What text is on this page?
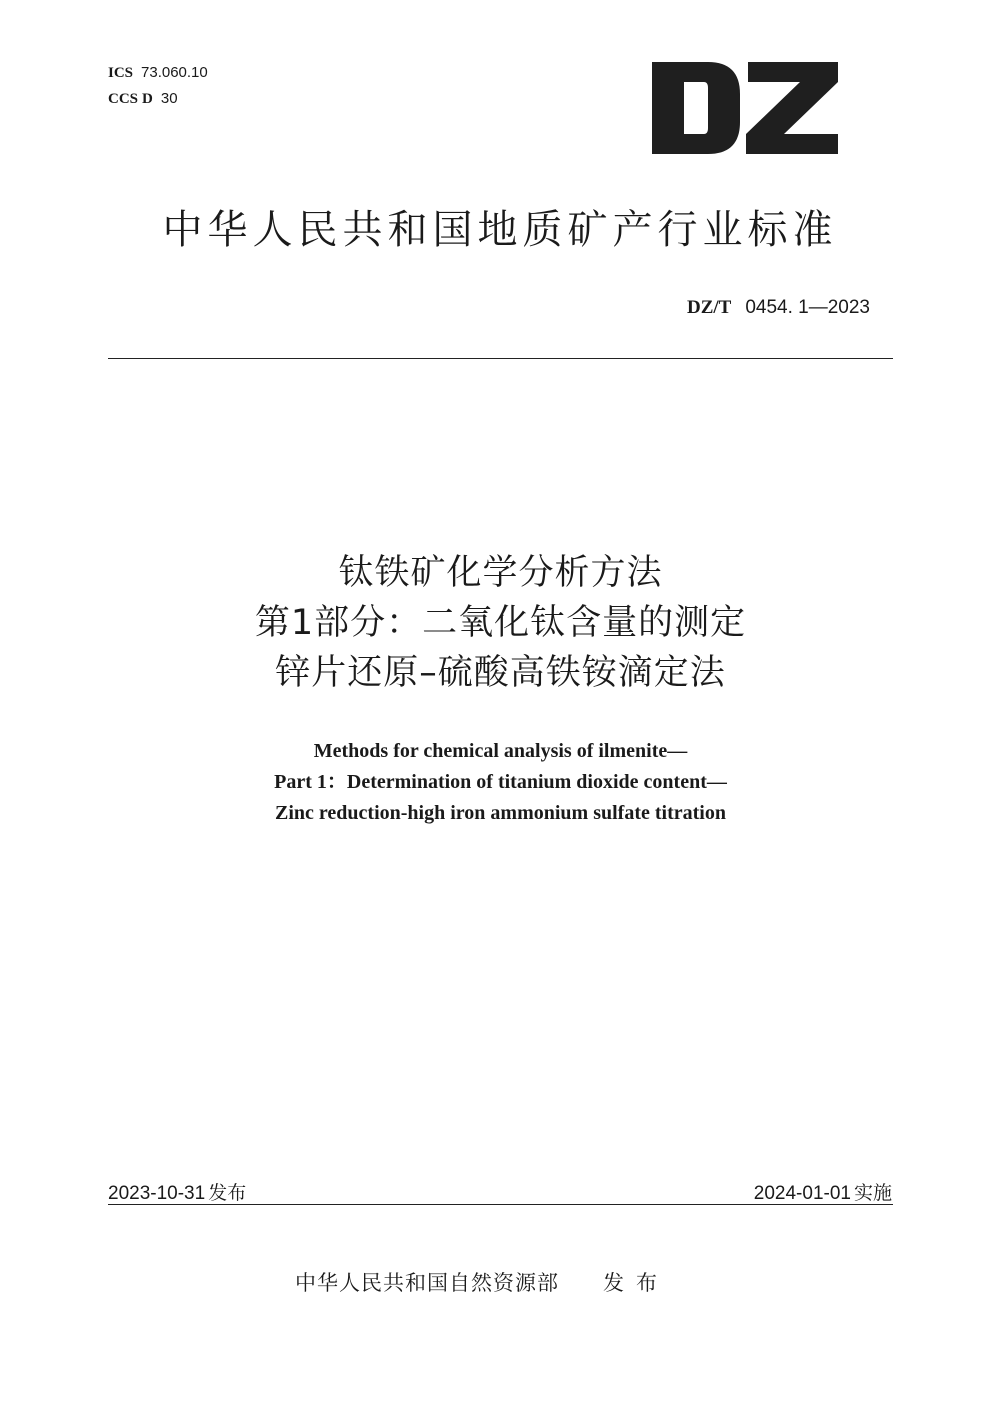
ICS 73.060.10
CCS D 30
中华人民共和国地质矿产行业标准
DZ/T 0454. 1—2023
钛铁矿化学分析方法
第1部分：二氧化钛含量的测定
锌片还原–硫酸高铁铵滴定法
Methods for chemical analysis of ilmenite—
Part 1：Determination of titanium dioxide content—
Zinc reduction-high iron ammonium sulfate titration
2023-10-31 发布	2024-01-01 实施
中华人民共和国自然资源部 发布
